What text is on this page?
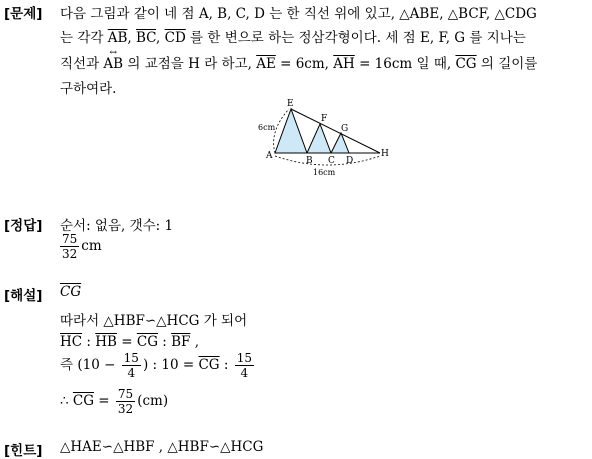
[문제] 다음 그림과 같이 네 점 A, B, C, D 는 한 직선 위에 있고, △ABE, △BCF, △CDG
는 각각 $\overline{AB}$, $\overline{BC}$, $\overline{CD}$ 를 한 변으로 하는 정삼각형이다. 세 점 E, F, G 를 지나는
직선과
↔
AB 의 교점을 H 라 하고, $\overline{AE} = 6cm$, $\overline{AH} = 16cm$ 일 때, $\overline{CG}$ 의 길이를
구하여라.
E
F
G
A	B C D
H
6cm
16cm
[정답] 순서: 없음, 갯수: 1
$\frac{75}{32}$ cm
[해설] $\overline{CG}$
따라서 △HBF∽△HCG 가 되어
$\overline{HC}$ : $\overline{HB} = \overline{CG}$ : $\overline{BF}$ ,
즉 ($10 - \frac{15}{4}$ ) : $10 = \overline{CG}$ : $\frac{15}{4}$
∴ $\overline{CG} = \frac{75}{32} (cm)$
[힌트] △HAE∽△HBF , △HBF∽△HCG
